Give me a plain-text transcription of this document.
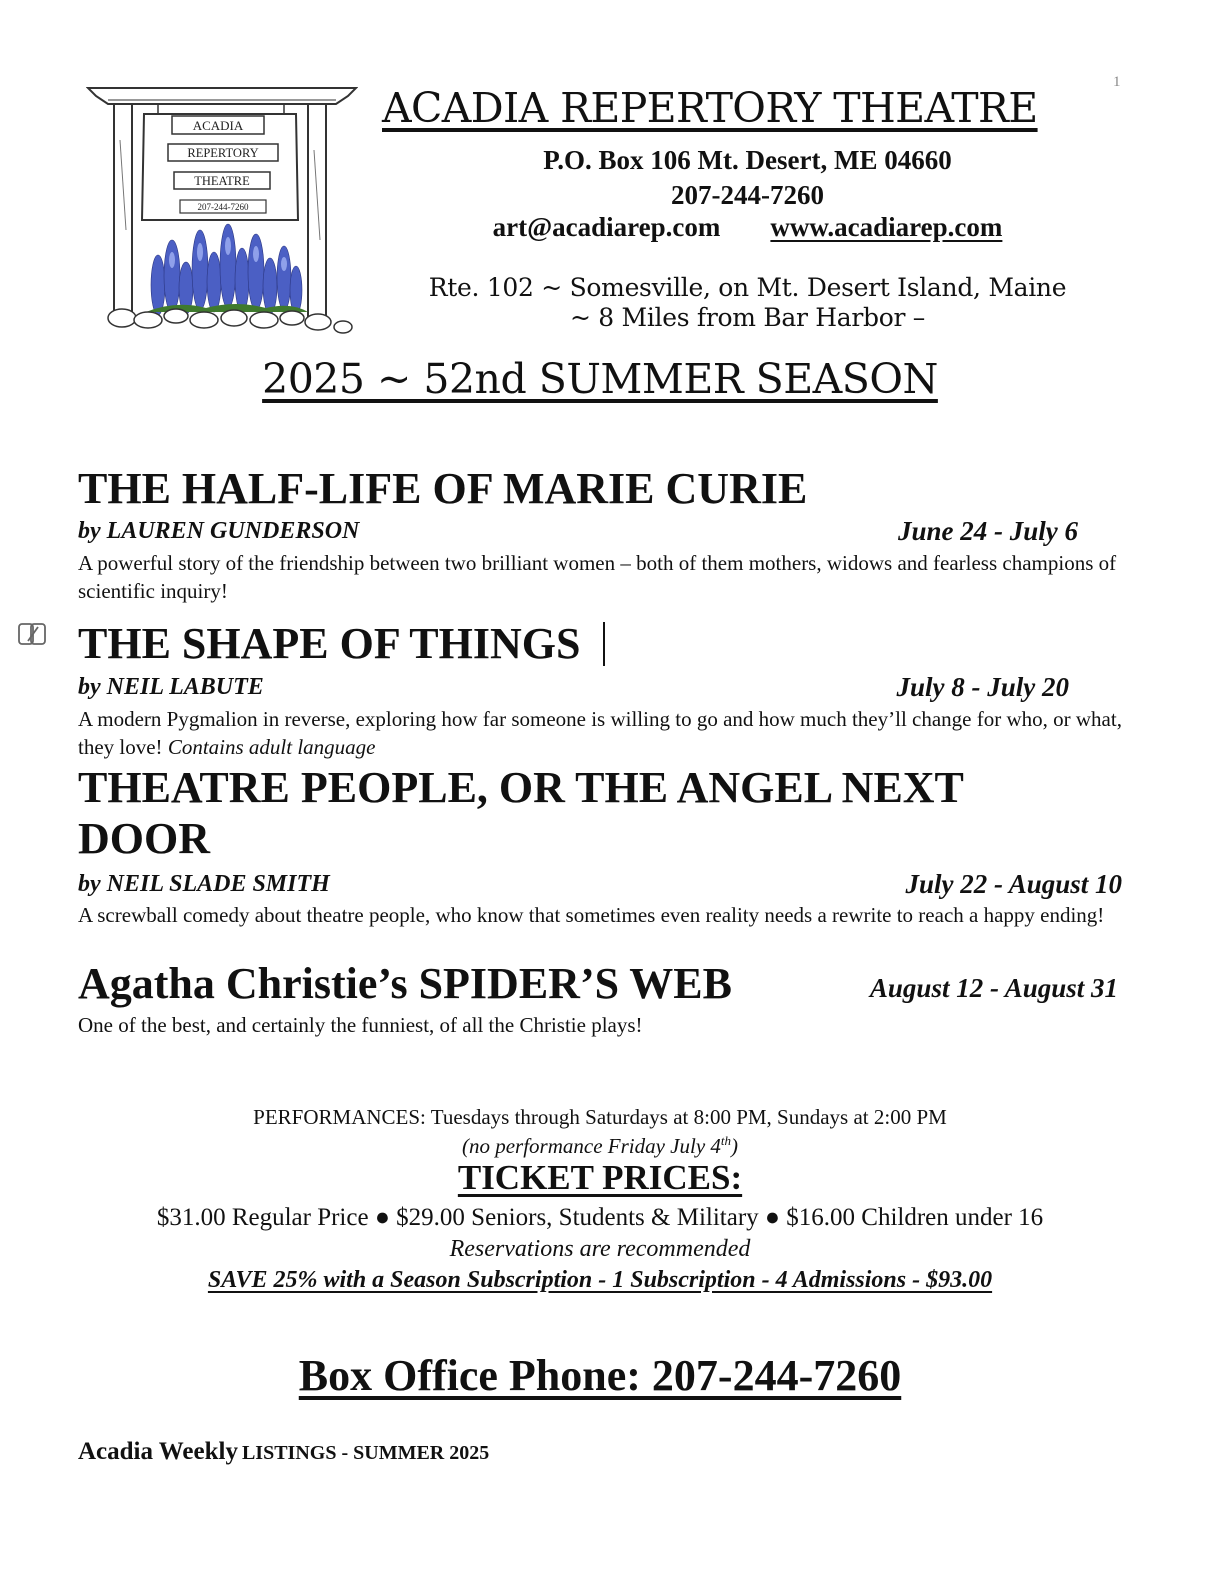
1
ACADIA
REPERTORY
THEATRE
207-244-7260
ACADIA REPERTORY THEATRE
P.O. Box 106 Mt. Desert, ME 04660
207-244-7260
art@acadiarep.com www.acadiarep.com
Rte. 102 ~ Somesville, on Mt. Desert Island, Maine
~ 8 Miles from Bar Harbor –
2025 ~ 52nd SUMMER SEASON
THE HALF-LIFE OF MARIE CURIE
by LAUREN GUNDERSON	June 24 - July 6
A powerful story of the friendship between two brilliant women – both of them mothers, widows and fearless champions of scientific inquiry!
THE SHAPE OF THINGS
by NEIL LABUTE	July 8 - July 20
A modern Pygmalion in reverse, exploring how far someone is willing to go and how much they’ll change for who, or what, they love! Contains adult language
THEATRE PEOPLE, OR THE ANGEL NEXT
DOOR
by NEIL SLADE SMITH	July 22 - August 10
A screwball comedy about theatre people, who know that sometimes even reality needs a rewrite to reach a happy ending!
Agatha Christie’s SPIDER’S WEB	August 12 - August 31
One of the best, and certainly the funniest, of all the Christie plays!
PERFORMANCES: Tuesdays through Saturdays at 8:00 PM, Sundays at 2:00 PM
(no performance Friday July 4th)
TICKET PRICES:
$31.00 Regular Price ● $29.00 Seniors, Students & Military ● $16.00 Children under 16
Reservations are recommended
SAVE 25% with a Season Subscription - 1 Subscription - 4 Admissions - $93.00
Box Office Phone: 207-244-7260
Acadia Weekly LISTINGS - SUMMER 2025
